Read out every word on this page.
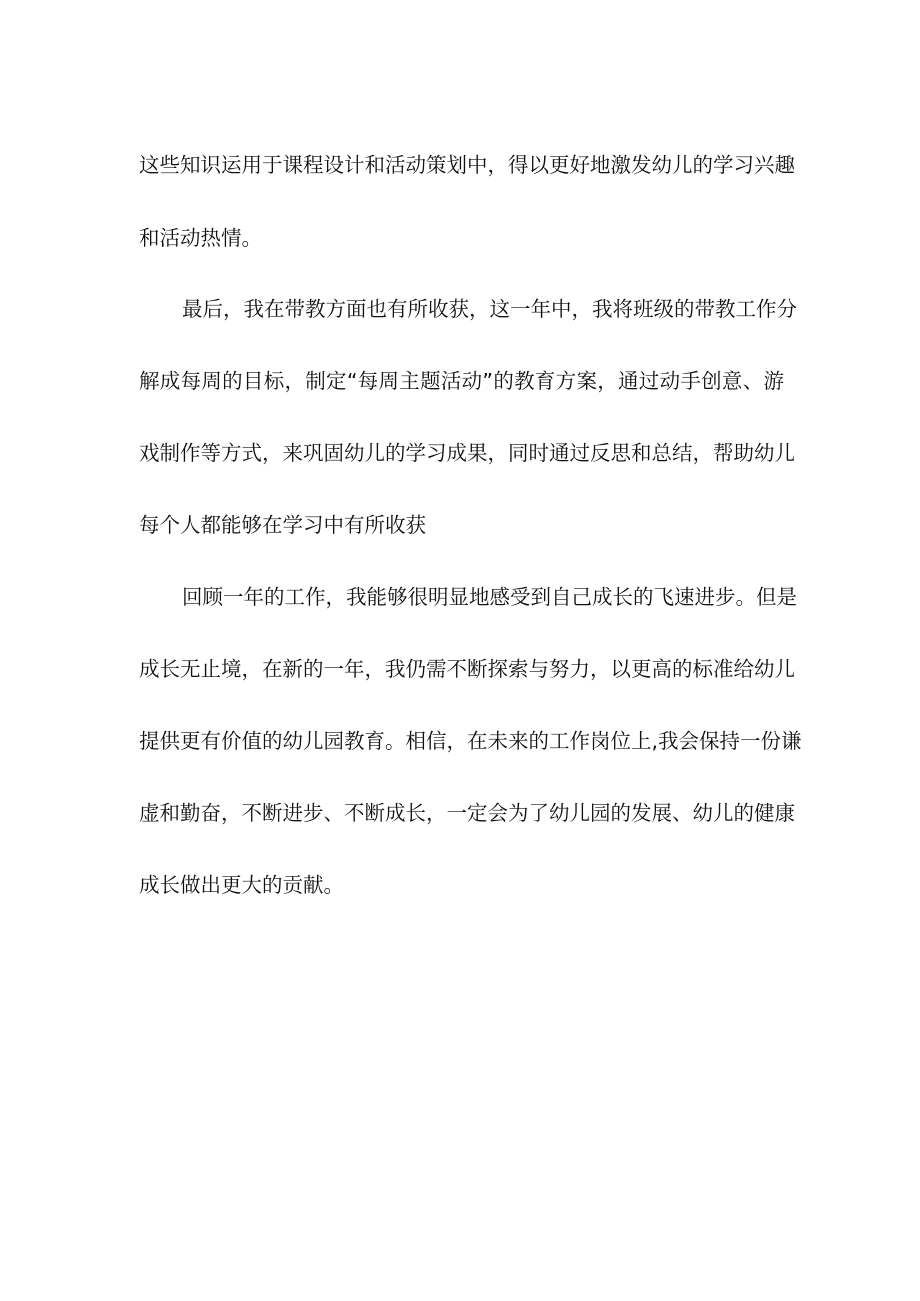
这些知识运用于课程设计和活动策划中，得以更好地激发幼儿的学习兴趣
和活动热情。
最后，我在带教方面也有所收获，这一年中，我将班级的带教工作分
解成每周的目标，制定“每周主题活动”的教育方案，通过动手创意、游
戏制作等方式，来巩固幼儿的学习成果，同时通过反思和总结，帮助幼儿
每个人都能够在学习中有所收获
回顾一年的工作，我能够很明显地感受到自己成长的飞速进步。但是
成长无止境，在新的一年，我仍需不断探索与努力，以更高的标准给幼儿
提供更有价值的幼儿园教育。相信，在未来的工作岗位上,我会保持一份谦
虚和勤奋，不断进步、不断成长，一定会为了幼儿园的发展、幼儿的健康
成长做出更大的贡献。
